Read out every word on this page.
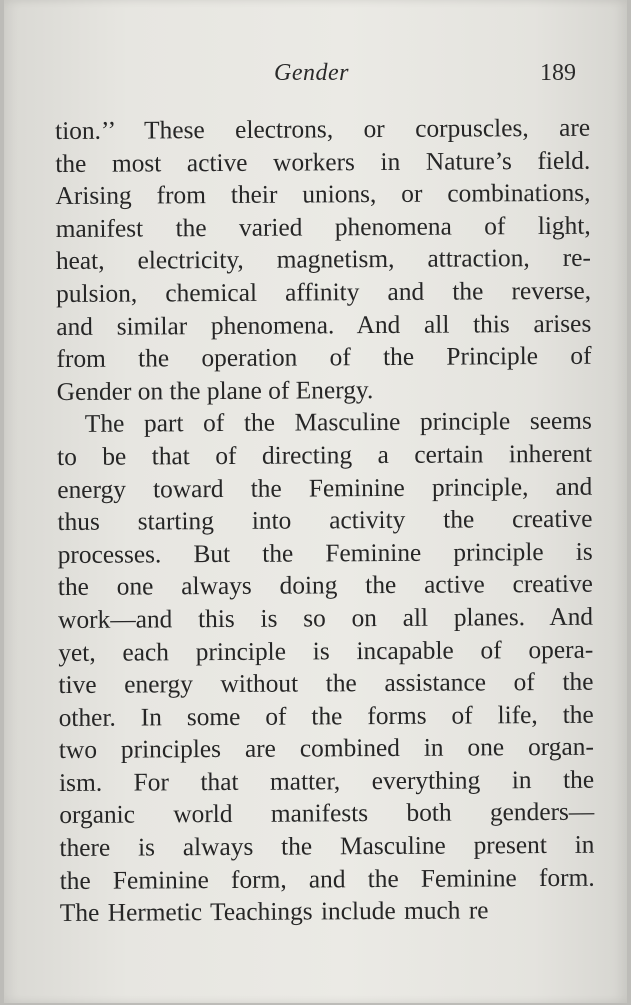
Gender	189
tion.’’ These electrons, or corpuscles, are
the most active workers in Nature’s field.
Arising from their unions, or combinations,
manifest the varied phenomena of light,
heat, electricity, magnetism, attraction, re-
pulsion, chemical affinity and the reverse,
and similar phenomena. And all this arises
from the operation of the Principle of
Gender on the plane of Energy.
The part of the Masculine principle seems
to be that of directing a certain inherent
energy toward the Feminine principle, and
thus starting into activity the creative
processes. But the Feminine principle is
the one always doing the active creative
work—and this is so on all planes. And
yet, each principle is incapable of opera-
tive energy without the assistance of the
other. In some of the forms of life, the
two principles are combined in one organ-
ism. For that matter, everything in the
organic world manifests both genders—
there is always the Masculine present in
the Feminine form, and the Feminine form.
The Hermetic Teachings include much re
